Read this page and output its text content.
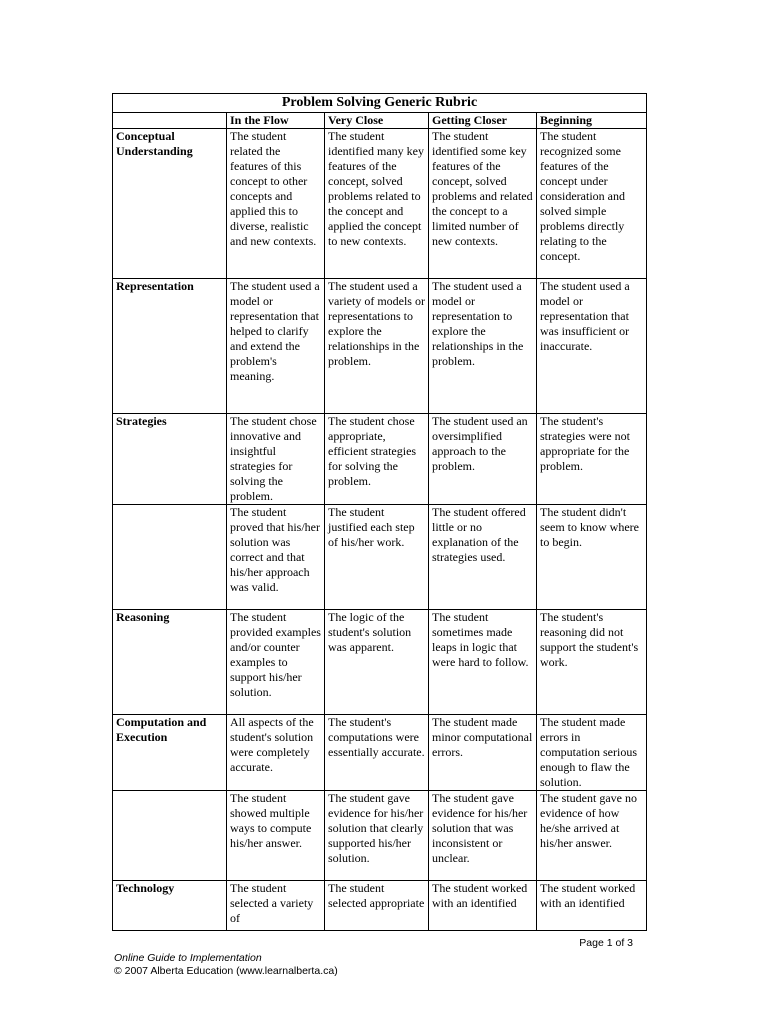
Problem Solving Generic Rubric				
	In the Flow	Very Close	Getting Closer	Beginning
Conceptual Understanding	The student related the features of this concept to other concepts and applied this to diverse, realistic and new contexts.	The student identified many key features of the concept, solved problems related to the concept and applied the concept to new contexts.	The student identified some key features of the concept, solved problems and related the concept to a limited number of new contexts.	The student recognized some features of the concept under consideration and solved simple problems directly relating to the concept.
Representation	The student used a model or representation that helped to clarify and extend the problem's meaning.	The student used a variety of models or representations to explore the relationships in the problem.	The student used a model or representation to explore the relationships in the problem.	The student used a model or representation that was insufficient or inaccurate.
Strategies	The student chose innovative and insightful strategies for solving the problem.	The student chose appropriate, efficient strategies for solving the problem.	The student used an oversimplified approach to the problem.	The student's strategies were not appropriate for the problem.
	The student proved that his/her solution was correct and that his/her approach was valid.	The student justified each step of his/her work.	The student offered little or no explanation of the strategies used.	The student didn't seem to know where to begin.
Reasoning	The student provided examples and/or counter examples to support his/her solution.	The logic of the student's solution was apparent.	The student sometimes made leaps in logic that were hard to follow.	The student's reasoning did not support the student's work.
Computation and Execution	All aspects of the student's solution were completely accurate.	The student's computations were essentially accurate.	The student made minor computational errors.	The student made errors in computation serious enough to flaw the solution.
	The student showed multiple ways to compute his/her answer.	The student gave evidence for his/her solution that clearly supported his/her solution.	The student gave evidence for his/her solution that was inconsistent or unclear.	The student gave no evidence of how he/she arrived at his/her answer.
Technology	The student selected a variety of	The student selected appropriate	The student worked with an identified	The student worked with an identified
Page 1 of 3
Online Guide to Implementation
© 2007 Alberta Education (www.learnalberta.ca)
